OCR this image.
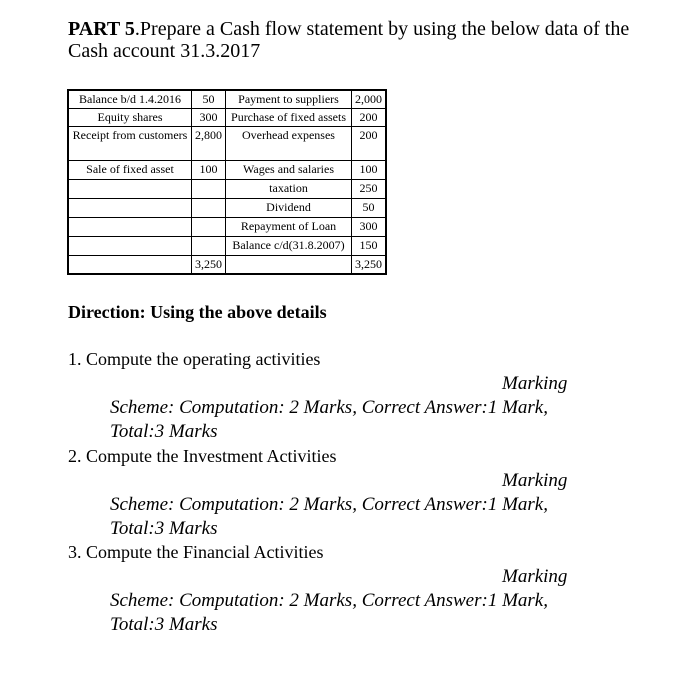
PART 5.Prepare a Cash flow statement by using the below data of the Cash account 31.3.2017
Balance b/d 1.4.2016	50	Payment to suppliers	2,000
Equity shares	300	Purchase of fixed assets	200
Receipt from customers	2,800	Overhead expenses	200
Sale of fixed asset	100	Wages and salaries	100
		taxation	250
		Dividend	50
		Repayment of Loan	300
		Balance c/d(31.8.2007)	150
	3,250		3,250
Direction: Using the above details
1. Compute the operating activities
Marking
Scheme: Computation: 2 Marks, Correct Answer:1 Mark,
Total:3 Marks
2. Compute the Investment Activities
Marking
Scheme: Computation: 2 Marks, Correct Answer:1 Mark,
Total:3 Marks
3. Compute the Financial Activities
Marking
Scheme: Computation: 2 Marks, Correct Answer:1 Mark,
Total:3 Marks
